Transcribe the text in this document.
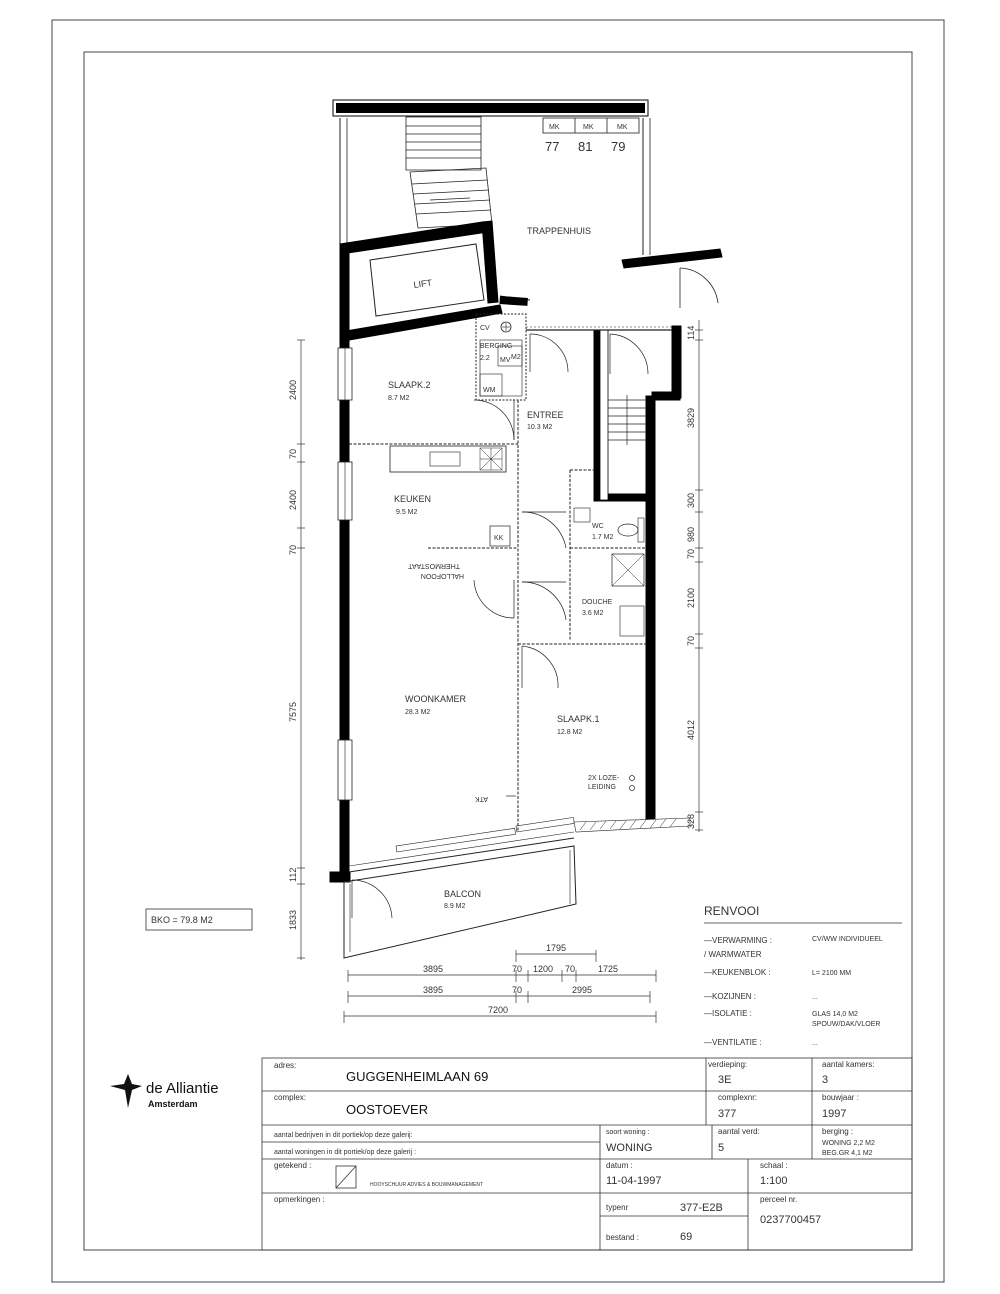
TRAPPENHUIS
LIFT
SLAAPK.2
8.7 M2
CV
BERGING
2.2 MV M2
WM
ENTREE
10.3 M2
KEUKEN
9.5 M2
KK
THERMOSTAAT
HALLOFOON
WC
1.7 M2
DOUCHE
3.6 M2
WOONKAMER
28.3 M2
SLAAPK.1
12.8 M2
2X LOZE-
LEIDING
ATK
BALCON
8.9 M2
MK	MK	MK
77 81 79
2400
70
2400
70
7575
112
1833
114
3829
300
980
70
2100
70
4012
328
1795
3895	70 1200 70	1725
3895	70	2995
7200
BKO = 79.8 M2
RENVOOI
—VERWARMING :	CV/WW INDIVIDUEEL
/ WARMWATER
—KEUKENBLOK :	L= 2100 MM
—KOZIJNEN :	...
—ISOLATIE :	GLAS 14,0 M2
SPOUW/DAK/VLOER
—VENTILATIE :	...
de Alliantie
Amsterdam
adres:
GUGGENHEIMLAAN 69
verdieping:
3E
aantal kamers:
3
complex:
OOSTOEVER
complexnr:
377
bouwjaar :
1997
aantal bedrijven in dit portiek/op deze galerij:
aantal woningen in dit portiek/op deze galerij :
soort woning :
WONING
aantal verd:
5
berging :
WONING 2,2 M2
BEG.GR 4,1 M2
getekend :
HOOYSCHUUR ADVIES & BOUWMANAGEMENT
datum :
11-04-1997
schaal :
1:100
opmerkingen :
typenr	377-E2B
perceel nr.
0237700457
bestand :	69
